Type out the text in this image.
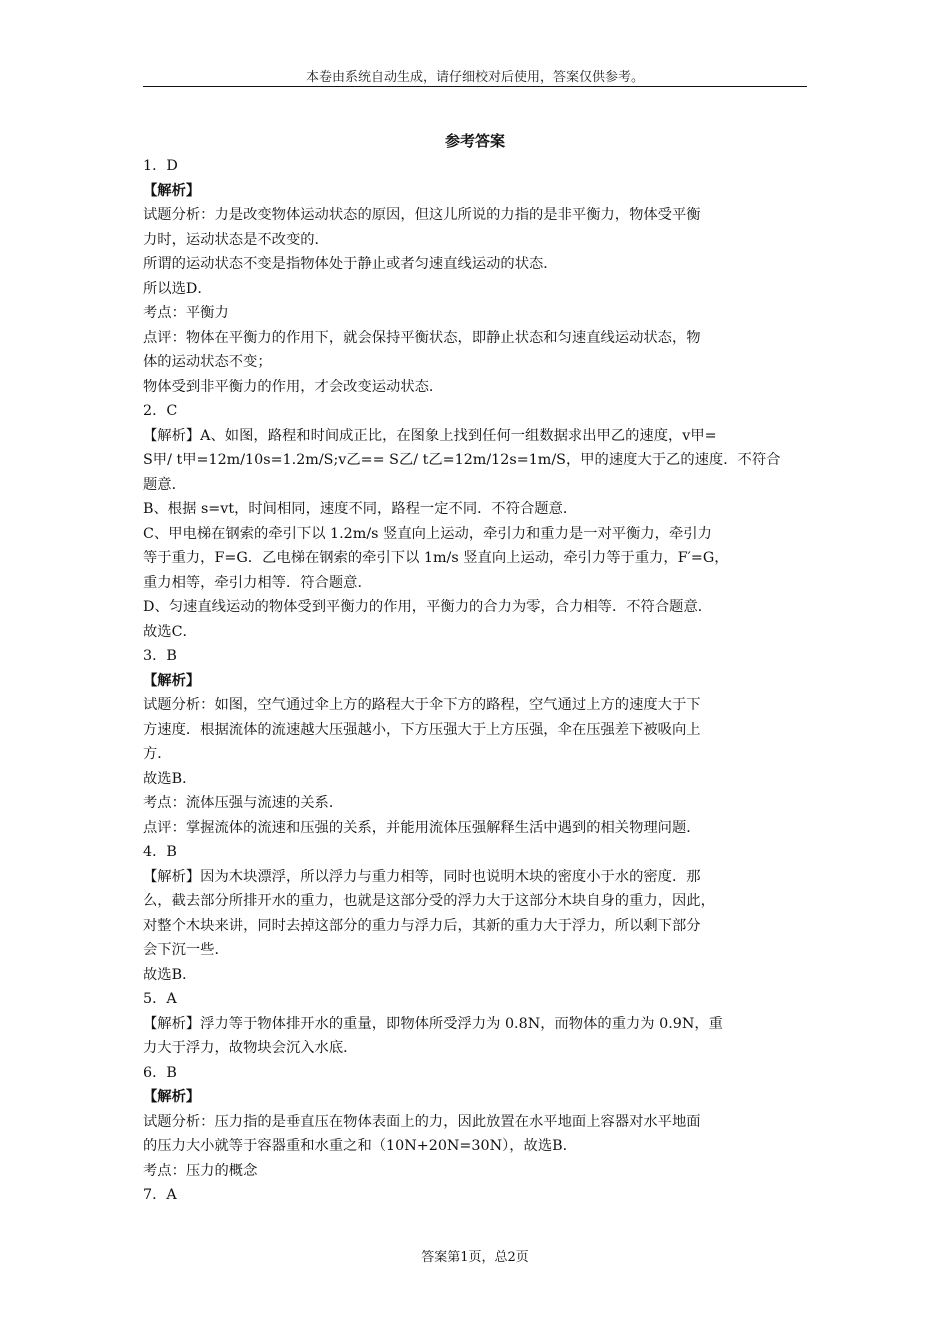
本卷由系统自动生成，请仔细校对后使用，答案仅供参考。
参考答案
1．D
【解析】
试题分析：力是改变物体运动状态的原因，但这儿所说的力指的是非平衡力，物体受平衡
力时，运动状态是不改变的．
所谓的运动状态不变是指物体处于静止或者匀速直线运动的状态．
所以选D．
考点：平衡力
点评：物体在平衡力的作用下，就会保持平衡状态，即静止状态和匀速直线运动状态，物
体的运动状态不变；
物体受到非平衡力的作用，才会改变运动状态．
2．C
【解析】A、如图，路程和时间成正比，在图象上找到任何一组数据求出甲乙的速度，v甲=
S甲/ t甲=12m/10s=1.2m/S;v乙== S乙/ t乙=12m/12s=1m/S，甲的速度大于乙的速度．不符合
题意．
B、根据 s=vt，时间相同，速度不同，路程一定不同．不符合题意．
C、甲电梯在钢索的牵引下以 1.2m/s 竖直向上运动，牵引力和重力是一对平衡力，牵引力
等于重力，F=G．乙电梯在钢索的牵引下以 1m/s 竖直向上运动，牵引力等于重力，F′=G，
重力相等，牵引力相等．符合题意．
D、匀速直线运动的物体受到平衡力的作用，平衡力的合力为零，合力相等．不符合题意．
故选C．
3．B
【解析】
试题分析：如图，空气通过伞上方的路程大于伞下方的路程，空气通过上方的速度大于下
方速度．根据流体的流速越大压强越小，下方压强大于上方压强，伞在压强差下被吸向上
方．
故选B．
考点：流体压强与流速的关系．
点评：掌握流体的流速和压强的关系，并能用流体压强解释生活中遇到的相关物理问题．
4．B
【解析】因为木块漂浮，所以浮力与重力相等，同时也说明木块的密度小于水的密度．那
么，截去部分所排开水的重力，也就是这部分受的浮力大于这部分木块自身的重力，因此，
对整个木块来讲，同时去掉这部分的重力与浮力后，其新的重力大于浮力，所以剩下部分
会下沉一些．
故选B．
5．A
【解析】浮力等于物体排开水的重量，即物体所受浮力为 0.8N，而物体的重力为 0.9N，重
力大于浮力，故物块会沉入水底．
6．B
【解析】
试题分析：压力指的是垂直压在物体表面上的力，因此放置在水平地面上容器对水平地面
的压力大小就等于容器重和水重之和（10N+20N=30N），故选B．
考点：压力的概念
7．A
答案第1页，总2页
